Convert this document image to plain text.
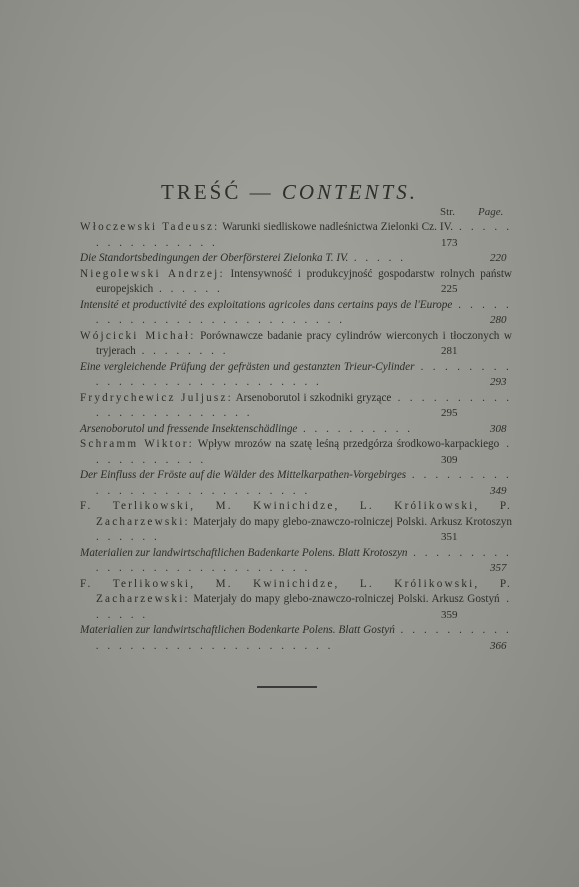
TREŚĆ — CONTENTS.
Str. Page.
Włoczewski Tadeusz: Warunki siedliskowe nadleśnictwa Zielonki Cz. IV. . . . . . . . . . . . . . . . .	173
Die Standortsbedingungen der Oberförsterei Zielonka T. IV. . . . . .	220
Niegolewski Andrzej: Intensywność i produkcyjność gospodarstw rolnych państw europejskich . . . . . .	225
Intensité et productivité des exploitations agricoles dans certains pays de l'Europe . . . . . . . . . . . . . . . . . . . . . . . . . . .	280
Wójcicki Michał: Porównawcze badanie pracy cylindrów wierconych i tłoczonych w tryjerach . . . . . . . .	281
Eine vergleichende Prüfung der gefrästen und gestanzten Trieur-Cylinder . . . . . . . . . . . . . . . . . . . . . . . . . . . .	293
Frydrychewicz Juljusz: Arsenoborutol i szkodniki gryzące . . . . . . . . . . . . . . . . . . . . . . . .	295
Arsenoborutol und fressende Insektenschädlinge . . . . . . . . . .	308
Schramm Wiktor: Wpływ mrozów na szatę leśną przedgórza środkowo-karpackiego . . . . . . . . . . .	309
Der Einfluss der Fröste auf die Wälder des Mittelkarpathen-Vorgebirges . . . . . . . . . . . . . . . . . . . . . . . . . . . .	349
F. Terlikowski, M. Kwinichidze, L. Królikowski, P. Zacharzewski: Materjały do mapy glebo-znawczo-rolniczej Polski. Arkusz Krotoszyn . . . . . .	351
Materialien zur landwirtschaftlichen Badenkarte Polens. Blatt Krotoszyn . . . . . . . . . . . . . . . . . . . . . . . . . . . .	357
F. Terlikowski, M. Kwinichidze, L. Królikowski, P. Zacharzewski: Materjały do mapy glebo-znawczo-rolniczej Polski. Arkusz Gostyń . . . . . .	359
Materialien zur landwirtschaftlichen Bodenkarte Polens. Blatt Gostyń . . . . . . . . . . . . . . . . . . . . . . . . . . . . . . .	366
